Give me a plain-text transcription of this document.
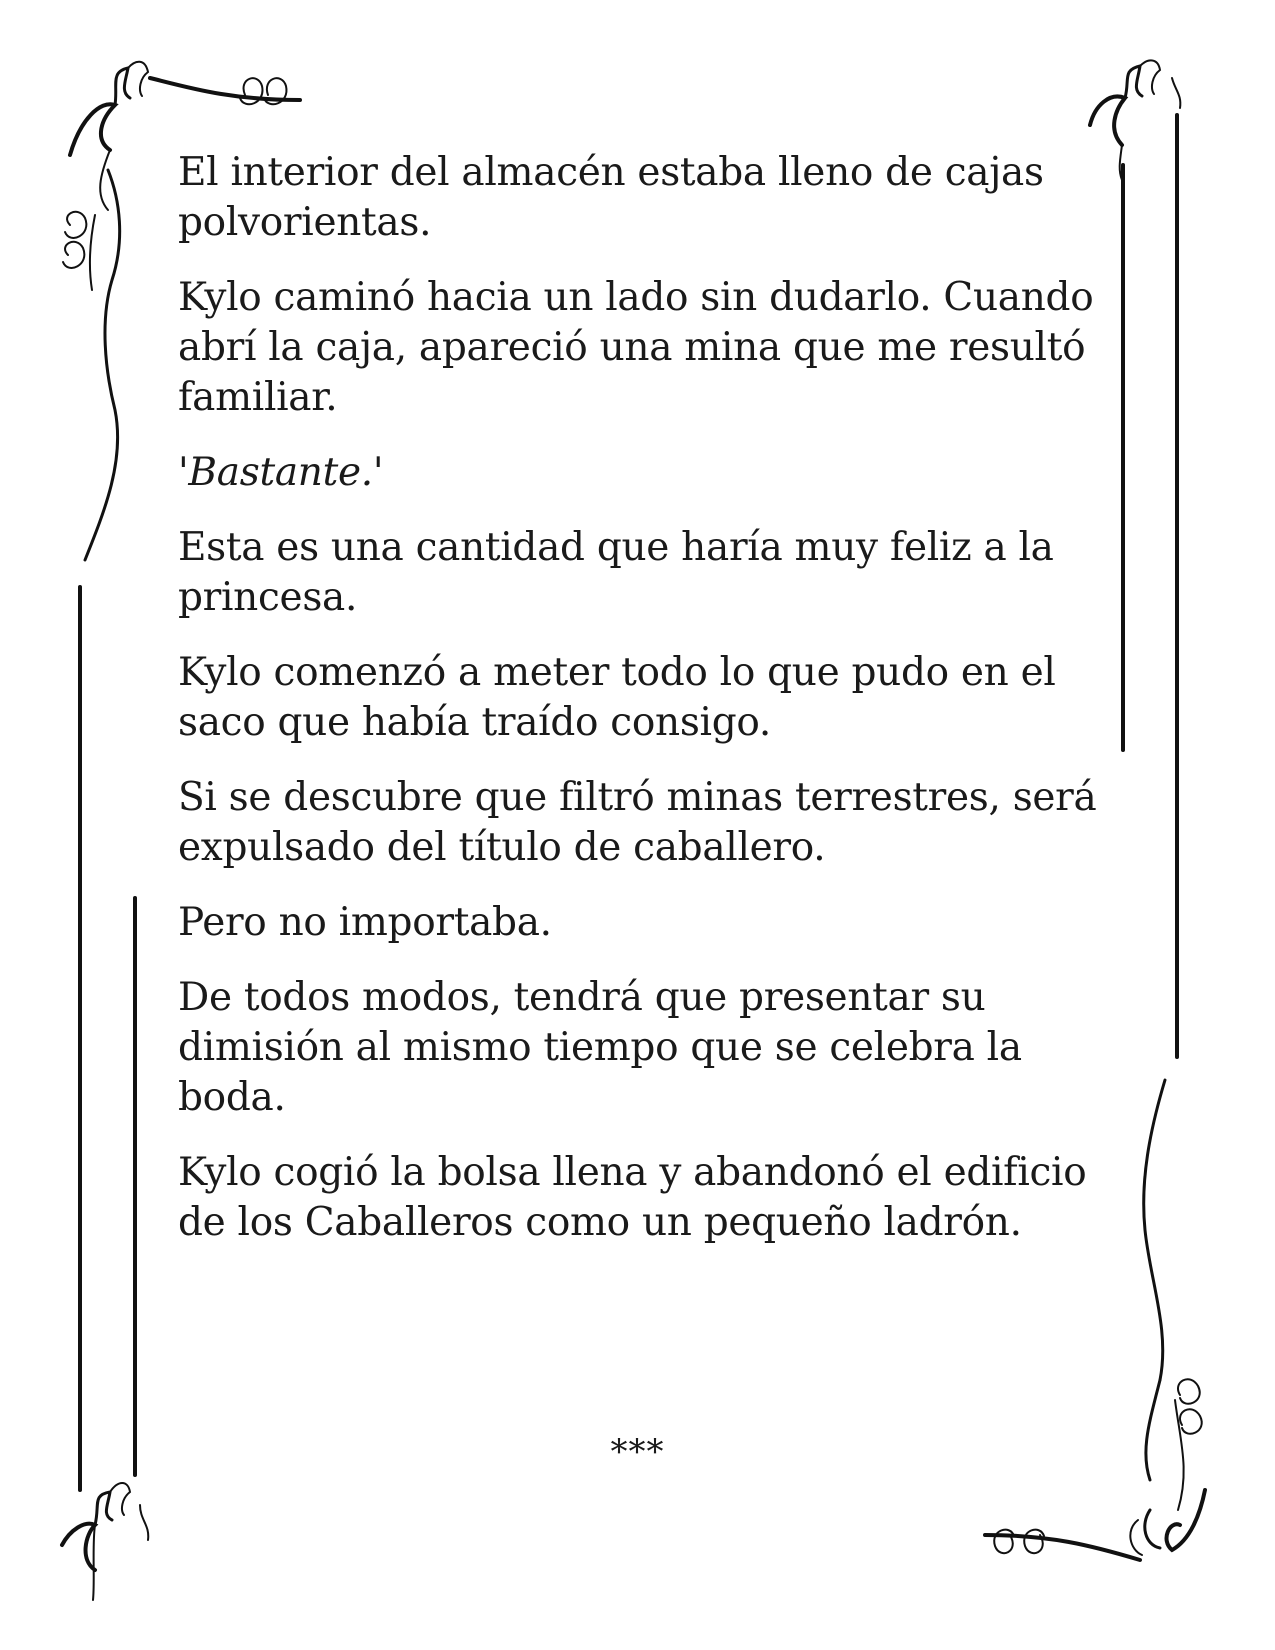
El interior del almacén estaba lleno de cajas polvorientas.

Kylo caminó hacia un lado sin dudarlo. Cuando abrí la caja, apareció una mina que me resultó familiar.

'Bastante.'

Esta es una cantidad que haría muy feliz a la princesa.

Kylo comenzó a meter todo lo que pudo en el saco que había traído consigo.

Si se descubre que filtró minas terrestres, será expulsado del título de caballero.

Pero no importaba.

De todos modos, tendrá que presentar su dimisión al mismo tiempo que se celebra la boda.

Kylo cogió la bolsa llena y abandonó el edificio de los Caballeros como un pequeño ladrón.

***
